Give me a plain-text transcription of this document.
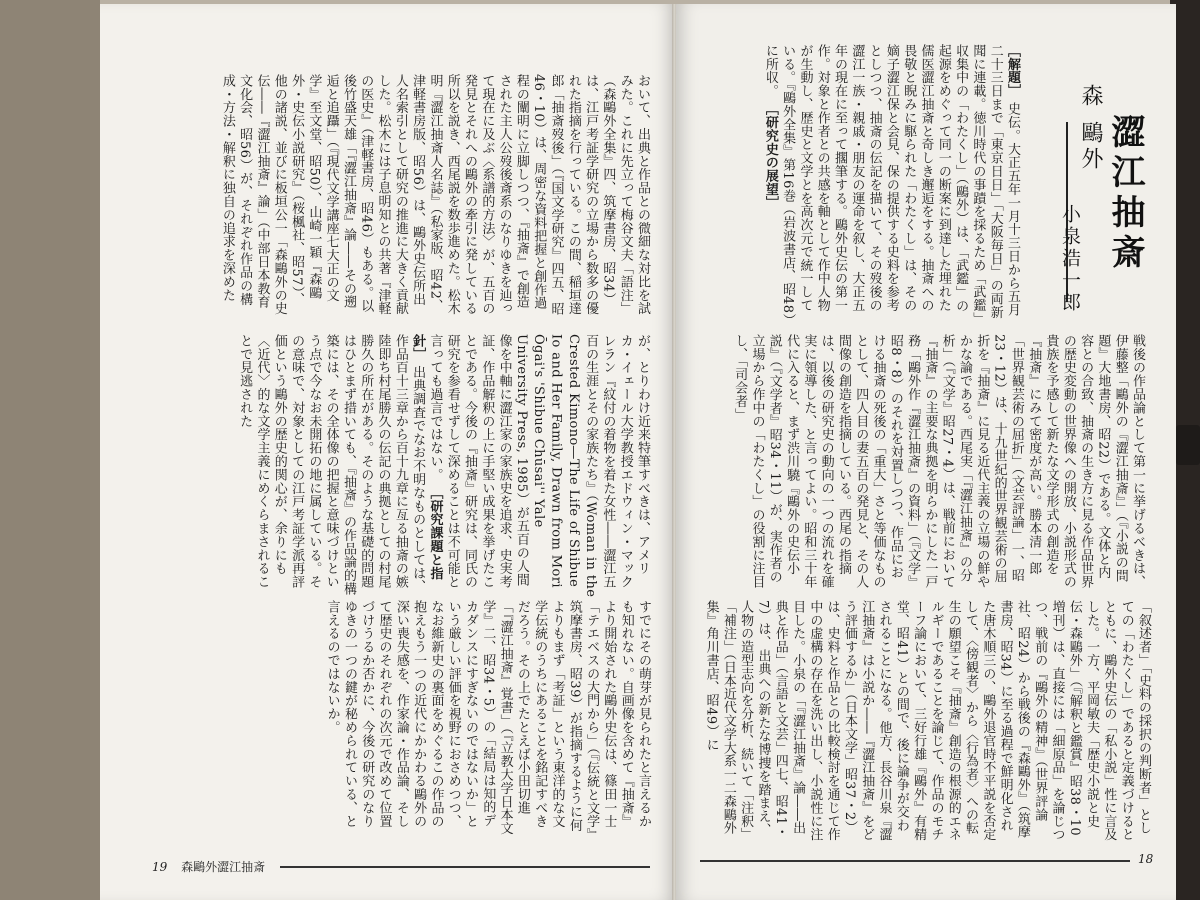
おいて、出典と作品との微細な対比を試みた。これに先立って梅谷文夫「語注」（森鷗外全集』四、筑摩書房、昭34）は、江戸考証学研究の立場から数多の優れた指摘を行っている。この間、稲垣達郎「抽斎歿後」（『国文学研究』四五、昭46・10）は、周密な資料把握と創作過程の闡明に立脚しつつ、『抽斎』で創造された主人公歿後斎系のなりゆきを辿って現在に及ぶ〈系譜的方法〉が、五百の発見とそれへの鷗外の牽引に発している所以を説き、西尾説を数歩進めた。松木明『澀江抽斎人名誌』（私家版、昭42、津軽書房版、昭56）は、鷗外史伝所出人名索引として研究の推進に大きく貢献した。松木には子息明知との共著『津軽の医史』（津軽書房、昭46）もある。以後竹盛天雄「『澀江抽斎』論――その遡逅と追躡」（『現代文学講座七大正の文学』至文堂、昭50）、山崎一穎『森鷗外・史伝小説研究』（桜楓社、昭57）、他の諸説、並びに板垣公一「森鷗外の史伝――『澀江抽斎』論」（中部日本教育文化会、昭56）が、それぞれ作品の構成・方法・解釈に独自の追求を深めた
が、とりわけ近来特筆すべきは、アメリカ・イェール大学教授エドウィン・マックレラン『紋付の着物を着た女性――澀江五百の生涯とその家族たち』（Woman in the Crested Kimono―The Life of Shibue Io and Her Family, Drawn from Mori Ōgai's 'Shibue Chūsai'' Yale University Press, 1985）が五百の人間像を中軸に澀江家の家族史を追求、史実考証、作品解釈の上に手堅い成果を挙げたことである。今後の『抽斎』研究は、同氏の研究を参看せずして深めることは不可能と言っても過言ではない。 ［研究課題と指針］ 出典調査でなお不明なものとしては、作品百十三章から百十九章に亙る抽斎の嫉陸即ち村尾勝久の伝記の典拠としての村尾勝久の所在がある。そのような基礎的問題はひとまず措いても、『抽斎』の作品論的構築には、その全体像の把握と意味づけという点で今なお未開拓の地に属している。その意味で、対象としての江戸考証学派再評価という鷗外の歴史的関心が、余りにも〈近代〉的な文学主義にめくらまされることで見逃された
森 鷗外 澀江抽斎
小泉浩一郎
［解題］ 史伝。大正五年一月十三日から五月二十三日まで「東京日日」「大阪毎日」の両新聞に連載。徳川時代の事蹟を採るため「武鑑」収集中の「わたくし」（鷗外）は、「武鑑」の起源をめぐって同一の断案に到達した埋れた儒医澀江抽斎と奇しき邂逅をする。抽斎への畏敬と睨みに駆られた「わたくし」は、その嫡子澀江保と会見、保の提供する史料を参考としつつ、抽斎の伝記を描いて、その歿後の澀江一族・親戚・朋友の運命を叙し、大正五年の現在に至って擱筆する。鷗外史伝の第一作。対象と作者との共感を軸として作中人物が生動し、歴史と文学とを高次元で統一している。『鷗外全集』第16巻（岩波書店、昭48）に所収。 ［研究史の展望］
戦後の作品論として第一に挙げるべきは、伊藤整「鷗外の『澀江抽斎』」（『小説の問題』大地書房、昭22）である。文体と内容との合致、抽斎の生き方に見る作品世界の歴史変動の世界像への開放、小説形式の貴族を予感して新たな文学形式の創造を『抽斎』にみて密度が高い。勝本清一郎「世界観芸術の屈折」（文芸評論」一、昭23・12）は、十九世紀的世界観芸術の屈折を『抽斎』に見る近代主義の立場の鮮やかな論である。西尾実「『澀江抽斎』の分析」（『文学』昭27・4）は、戦前において『抽斎』の主要な典拠を明らかにした一戸務「鷗外作『澀江抽斎』の資料」（『文学』昭8・8）のそれを対置しつつ、作品における抽斎の死後の「重大」さと等価なものとして、四人目の妻五百の発見と、その人間像の創造を指摘している。西尾の指摘は、以後の研究史の動向の一つの流れを確実に領導した、と言ってよい。昭和三十年代に入ると、まず渋川驍『鷗外の史伝小説』（『文学者』昭34・11）が、実作者の立場から作中の「わたくし」の役割に注目し、「司会者」
「叙述者」「史料の採択の判断者」としての「わたくし」であると定義づけるとともに、鷗外史伝の「私小説」性に言及した。一方、平岡敏夫「歴史小説と史伝・森鷗外」（『解釈と鑑賞』昭38・10増刊）は、直接には「細原品」を論じつつ、戦前の『鷗外の精神』（世界評論社、昭24）から戦後の『森鷗外』（筑摩書房、昭34）に至る過程で鮮明化された唐木順三の、鷗外退官時不平説を否定して、〈傍観者〉から〈行為者〉への転生の願望こそ『抽斎』創造の根源的エネルギーであることを論じて、作品のモチーフ論において、三好行雄『鷗外』有精堂、昭41）との間で、後に論争が交わされることになる。他方、長谷川泉『澀江抽斎』は小説か――『澀江抽斎』をどう評価するか」（日本文学」昭37・2）は、史料と作品との比較検討を通じて作中の虚構の存在を洗い出し、小説性に注目した。小泉の「『澀江抽斎』論――出典と作品」（言語と文芸」四七、昭41・7）は、出典への新たな博捜を踏まえ、人物の造型志向を分析、続いて「注釈」「補注」（日本近代文学大系一二森鷗外集』角川書店、昭49）に
すでにその萌芽が見られたと言えるかも知れない。自画像を含めて『抽斎』より開始された鷗外史伝は、篠田一士「テエベスの大門から」（『伝統と文学』筑摩書房、昭39）が指摘するように何よりもまず「考証」という東洋的な文学伝統のうちにあることを銘記すべきだろう。その上でたとえば小田切進「『澀江抽斎』覚書」（『立教大学日本文学』二、昭34・5）の「結局は知的デカダンスにすぎないのではないか」という厳しい評価を視野におさめつつ、なお維新史の裏面をめぐるこの作品の抱えもう一つの近代にかかわる鷗外の深い喪失感を、作家論・作品論、そして歴史のそれぞれの次元で改めて位置づけうるか否かに、今後の研究のなりゆきの一つの鍵が秘められている、と言えるのではないか。
19 森鷗外澀江抽斎
18
